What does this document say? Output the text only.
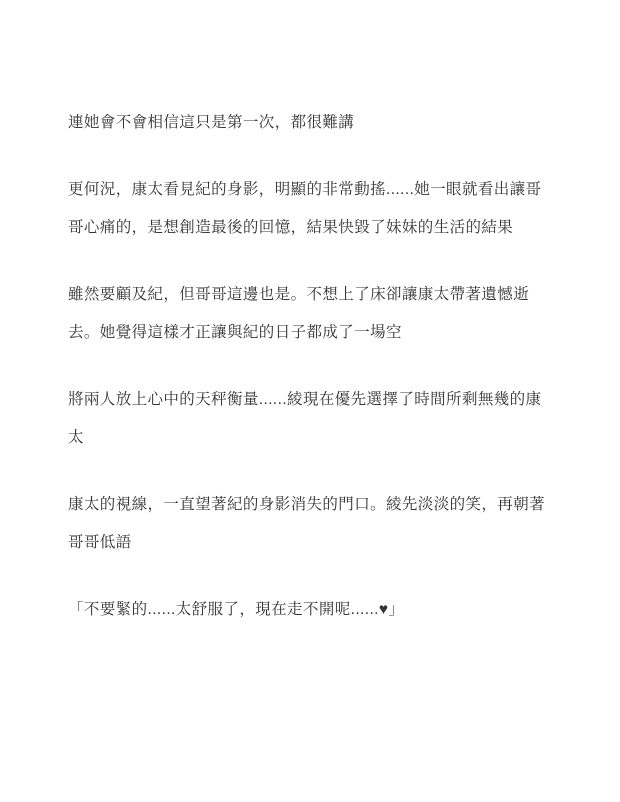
連她會不會相信這只是第一次，都很難講

更何況，康太看見紀的身影，明顯的非常動搖......她一眼就看出讓哥哥心痛的，是想創造最後的回憶，結果快毀了妹妹的生活的結果

雖然要顧及紀，但哥哥這邊也是。不想上了床卻讓康太帶著遺憾逝去。她覺得這樣才正讓與紀的日子都成了一場空

將兩人放上心中的天秤衡量......綾現在優先選擇了時間所剩無幾的康太

康太的視線，一直望著紀的身影消失的門口。綾先淡淡的笑，再朝著哥哥低語

「不要緊的......太舒服了，現在走不開呢......♥」
